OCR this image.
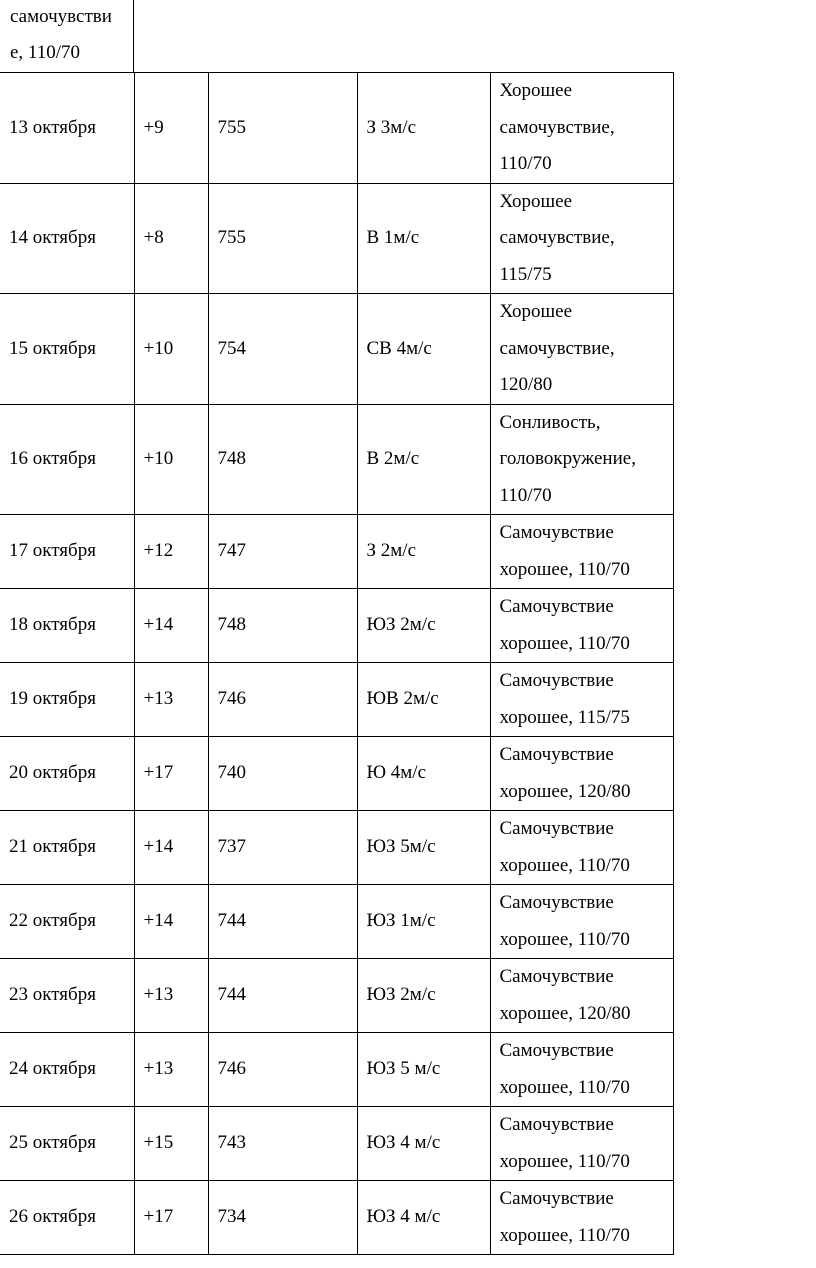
самочувстви
е, 110/70
13 октября	+9	755	З 3м/с	Хорошее
самочувствие,
110/70

14 октября	+8	755	В 1м/с	Хорошее
самочувствие,
115/75

15 октября	+10	754	СВ 4м/с	Хорошее
самочувствие,
120/80

16 октября	+10	748	В 2м/с	Сонливость,
головокружение,
110/70

17 октября	+12	747	З 2м/с	Самочувствие
хорошее, 110/70

18 октября	+14	748	ЮЗ 2м/с	Самочувствие
хорошее, 110/70

19 октября	+13	746	ЮВ 2м/с	Самочувствие
хорошее, 115/75

20 октября	+17	740	Ю 4м/с	Самочувствие
хорошее, 120/80

21 октября	+14	737	ЮЗ 5м/с	Самочувствие
хорошее, 110/70

22 октября	+14	744	ЮЗ 1м/с	Самочувствие
хорошее, 110/70

23 октября	+13	744	ЮЗ 2м/с	Самочувствие
хорошее, 120/80

24 октября	+13	746	ЮЗ 5 м/с	Самочувствие
хорошее, 110/70

25 октября	+15	743	ЮЗ 4 м/с	Самочувствие
хорошее, 110/70

26 октября	+17	734	ЮЗ 4 м/с	Самочувствие
хорошее, 110/70
